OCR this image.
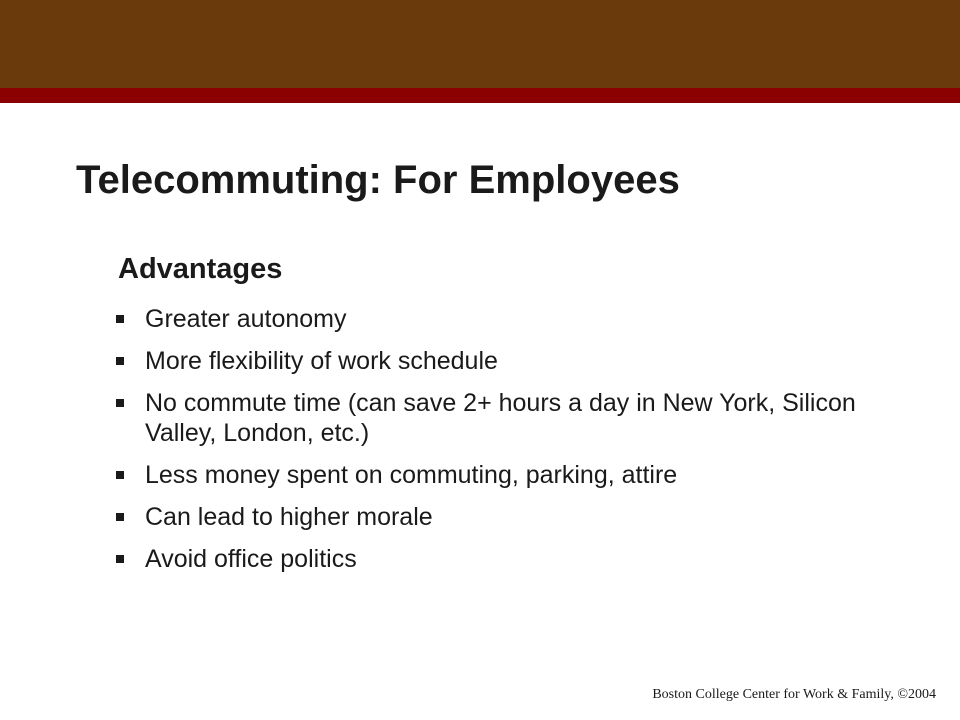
Telecommuting: For Employees
Advantages
Greater autonomy
More flexibility of work schedule
No commute time (can save 2+ hours a day in New York, Silicon Valley, London, etc.)
Less money spent on commuting, parking, attire
Can lead to higher morale
Avoid office politics
Boston College Center for Work & Family, ©2004
